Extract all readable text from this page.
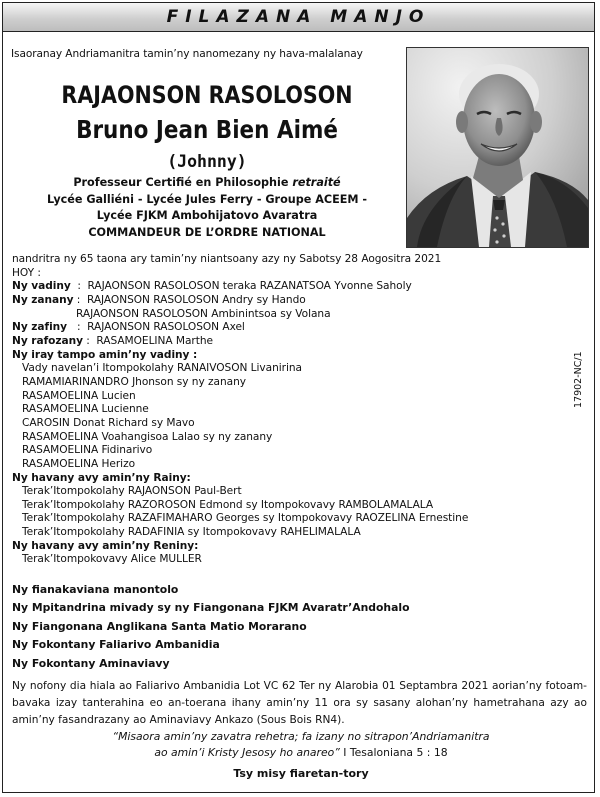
FILAZANA MANJO
Isaoranay Andriamanitra tamin’ny nanomezany ny hava-malalanay
RAJAONSON RASOLOSON
Bruno Jean Bien Aimé
(Johnny)
Professeur Certifié en Philosophie retraité
Lycée Galliéni - Lycée Jules Ferry - Groupe ACEEM -
Lycée FJKM Ambohijatovo Avaratra
COMMANDEUR DE L’ORDRE NATIONAL
nandritra ny 65 taona ary tamin’ny niantsoany azy ny Sabotsy 28 Aogositra 2021
HOY :
Ny vadiny  :  RAJAONSON RASOLOSON teraka RAZANATSOA Yvonne Saholy
Ny zanany :  RAJAONSON RASOLOSON Andry sy Hando
RAJAONSON RASOLOSON Ambinintsoa sy Volana
Ny zafiny   :  RAJAONSON RASOLOSON Axel
Ny rafozany :  RASAMOELINA Marthe
Ny iray tampo amin’ny vadiny :
Vady navelan’i Itompokolahy RANAIVOSON Livanirina
RAMAMIARINANDRO Jhonson sy ny zanany
RASAMOELINA Lucien
RASAMOELINA Lucienne
CAROSIN Donat Richard sy Mavo
RASAMOELINA Voahangisoa Lalao sy ny zanany
RASAMOELINA Fidinarivo
RASAMOELINA Herizo
Ny havany avy amin’ny Rainy:
Terak’Itompokolahy RAJAONSON Paul-Bert
Terak’Itompokolahy RAZOROSON Edmond sy Itompokovavy RAMBOLAMALALA
Terak’Itompokolahy RAZAFIMAHARO Georges sy Itompokovavy RAOZELINA Ernestine
Terak’Itompokolahy RADAFINIA sy Itompokovavy RAHELIMALALA
Ny havany avy amin’ny Reniny:
Terak’Itompokovavy Alice MULLER
Ny fianakaviana manontolo
Ny Mpitandrina mivady sy ny Fiangonana FJKM Avaratr’Andohalo
Ny Fiangonana Anglikana Santa Matio Morarano
Ny Fokontany Faliarivo Ambanidia
Ny Fokontany Aminaviavy
Ny nofony dia hiala ao Faliarivo Ambanidia Lot VC 62 Ter ny Alarobia 01 Septambra 2021 aorian’ny fotoam-bavaka izay tanterahina eo an-toerana ihany amin’ny 11 ora sy sasany alohan’ny hametrahana azy ao amin’ny fasandrazany ao Aminaviavy Ankazo (Sous Bois RN4).
“Misaora amin’ny zavatra rehetra; fa izany no sitrapon’Andriamanitra
ao amin’i Kristy Jesosy ho anareo” I Tesaloniana 5 : 18
Tsy misy fiaretan-tory
17902-NC/1
